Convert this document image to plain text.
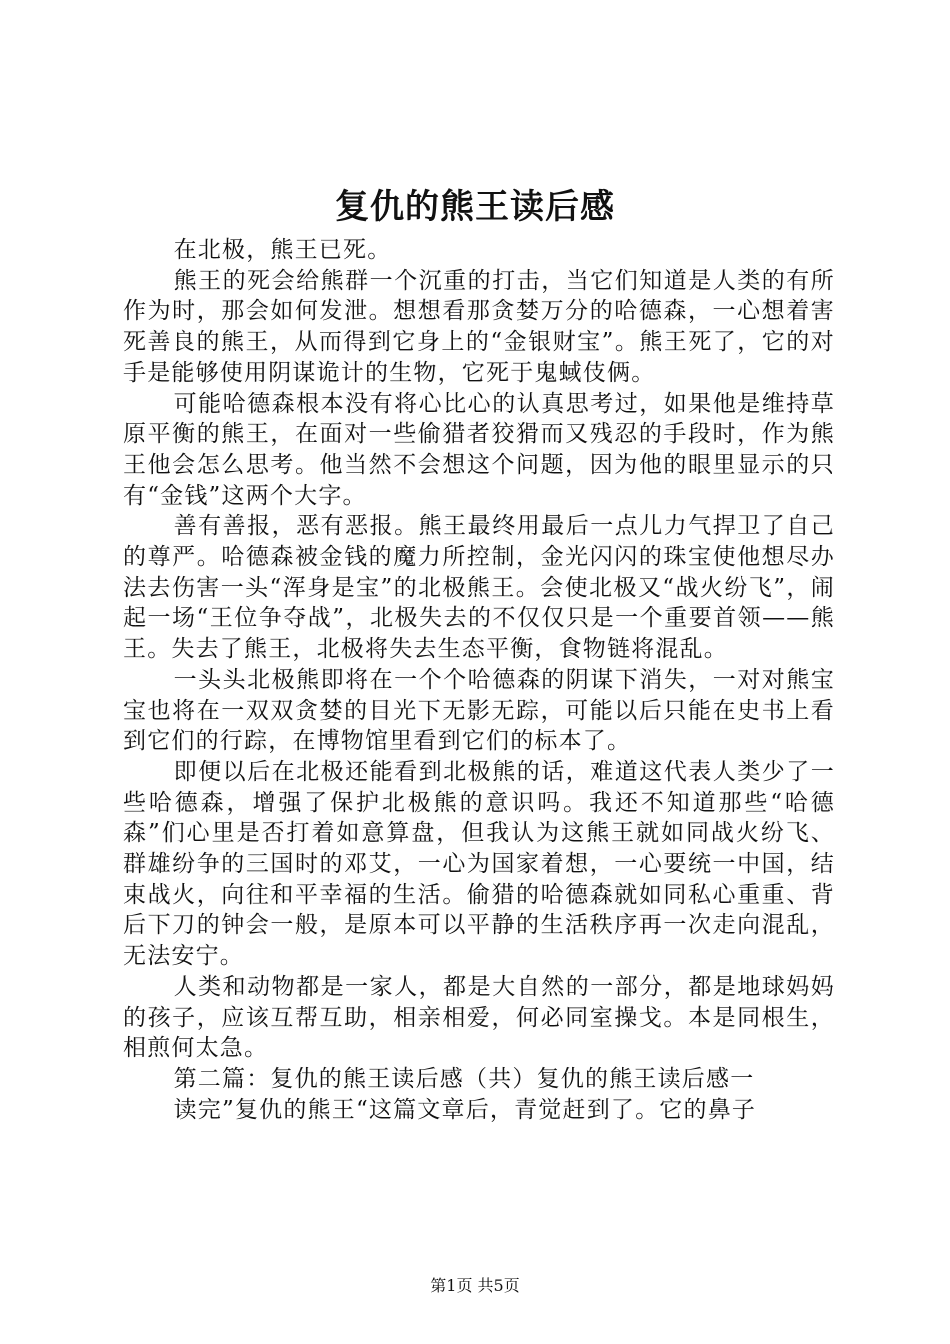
复仇的熊王读后感

在北极，熊王已死。

熊王的死会给熊群一个沉重的打击，当它们知道是人类的有所作为时，那会如何发泄。想想看那贪婪万分的哈德森，一心想着害死善良的熊王，从而得到它身上的“金银财宝”。熊王死了，它的对手是能够使用阴谋诡计的生物，它死于鬼蜮伎俩。

可能哈德森根本没有将心比心的认真思考过，如果他是维持草原平衡的熊王，在面对一些偷猎者狡猾而又残忍的手段时，作为熊王他会怎么思考。他当然不会想这个问题，因为他的眼里显示的只有“金钱”这两个大字。

善有善报，恶有恶报。熊王最终用最后一点儿力气捍卫了自己的尊严。哈德森被金钱的魔力所控制，金光闪闪的珠宝使他想尽办法去伤害一头“浑身是宝”的北极熊王。会使北极又“战火纷飞”，闹起一场“王位争夺战”，北极失去的不仅仅只是一个重要首领——熊王。失去了熊王，北极将失去生态平衡，食物链将混乱。

一头头北极熊即将在一个个哈德森的阴谋下消失，一对对熊宝宝也将在一双双贪婪的目光下无影无踪，可能以后只能在史书上看到它们的行踪，在博物馆里看到它们的标本了。

即便以后在北极还能看到北极熊的话，难道这代表人类少了一些哈德森，增强了保护北极熊的意识吗。我还不知道那些“哈德森”们心里是否打着如意算盘，但我认为这熊王就如同战火纷飞、群雄纷争的三国时的邓艾，一心为国家着想，一心要统一中国，结束战火，向往和平幸福的生活。偷猎的哈德森就如同私心重重、背后下刀的钟会一般，是原本可以平静的生活秩序再一次走向混乱，无法安宁。

人类和动物都是一家人，都是大自然的一部分，都是地球妈妈的孩子，应该互帮互助，相亲相爱，何必同室操戈。本是同根生，相煎何太急。

第二篇：复仇的熊王读后感（共）复仇的熊王读后感一

读完”复仇的熊王“这篇文章后，青觉赶到了。它的鼻子

第1页 共5页
